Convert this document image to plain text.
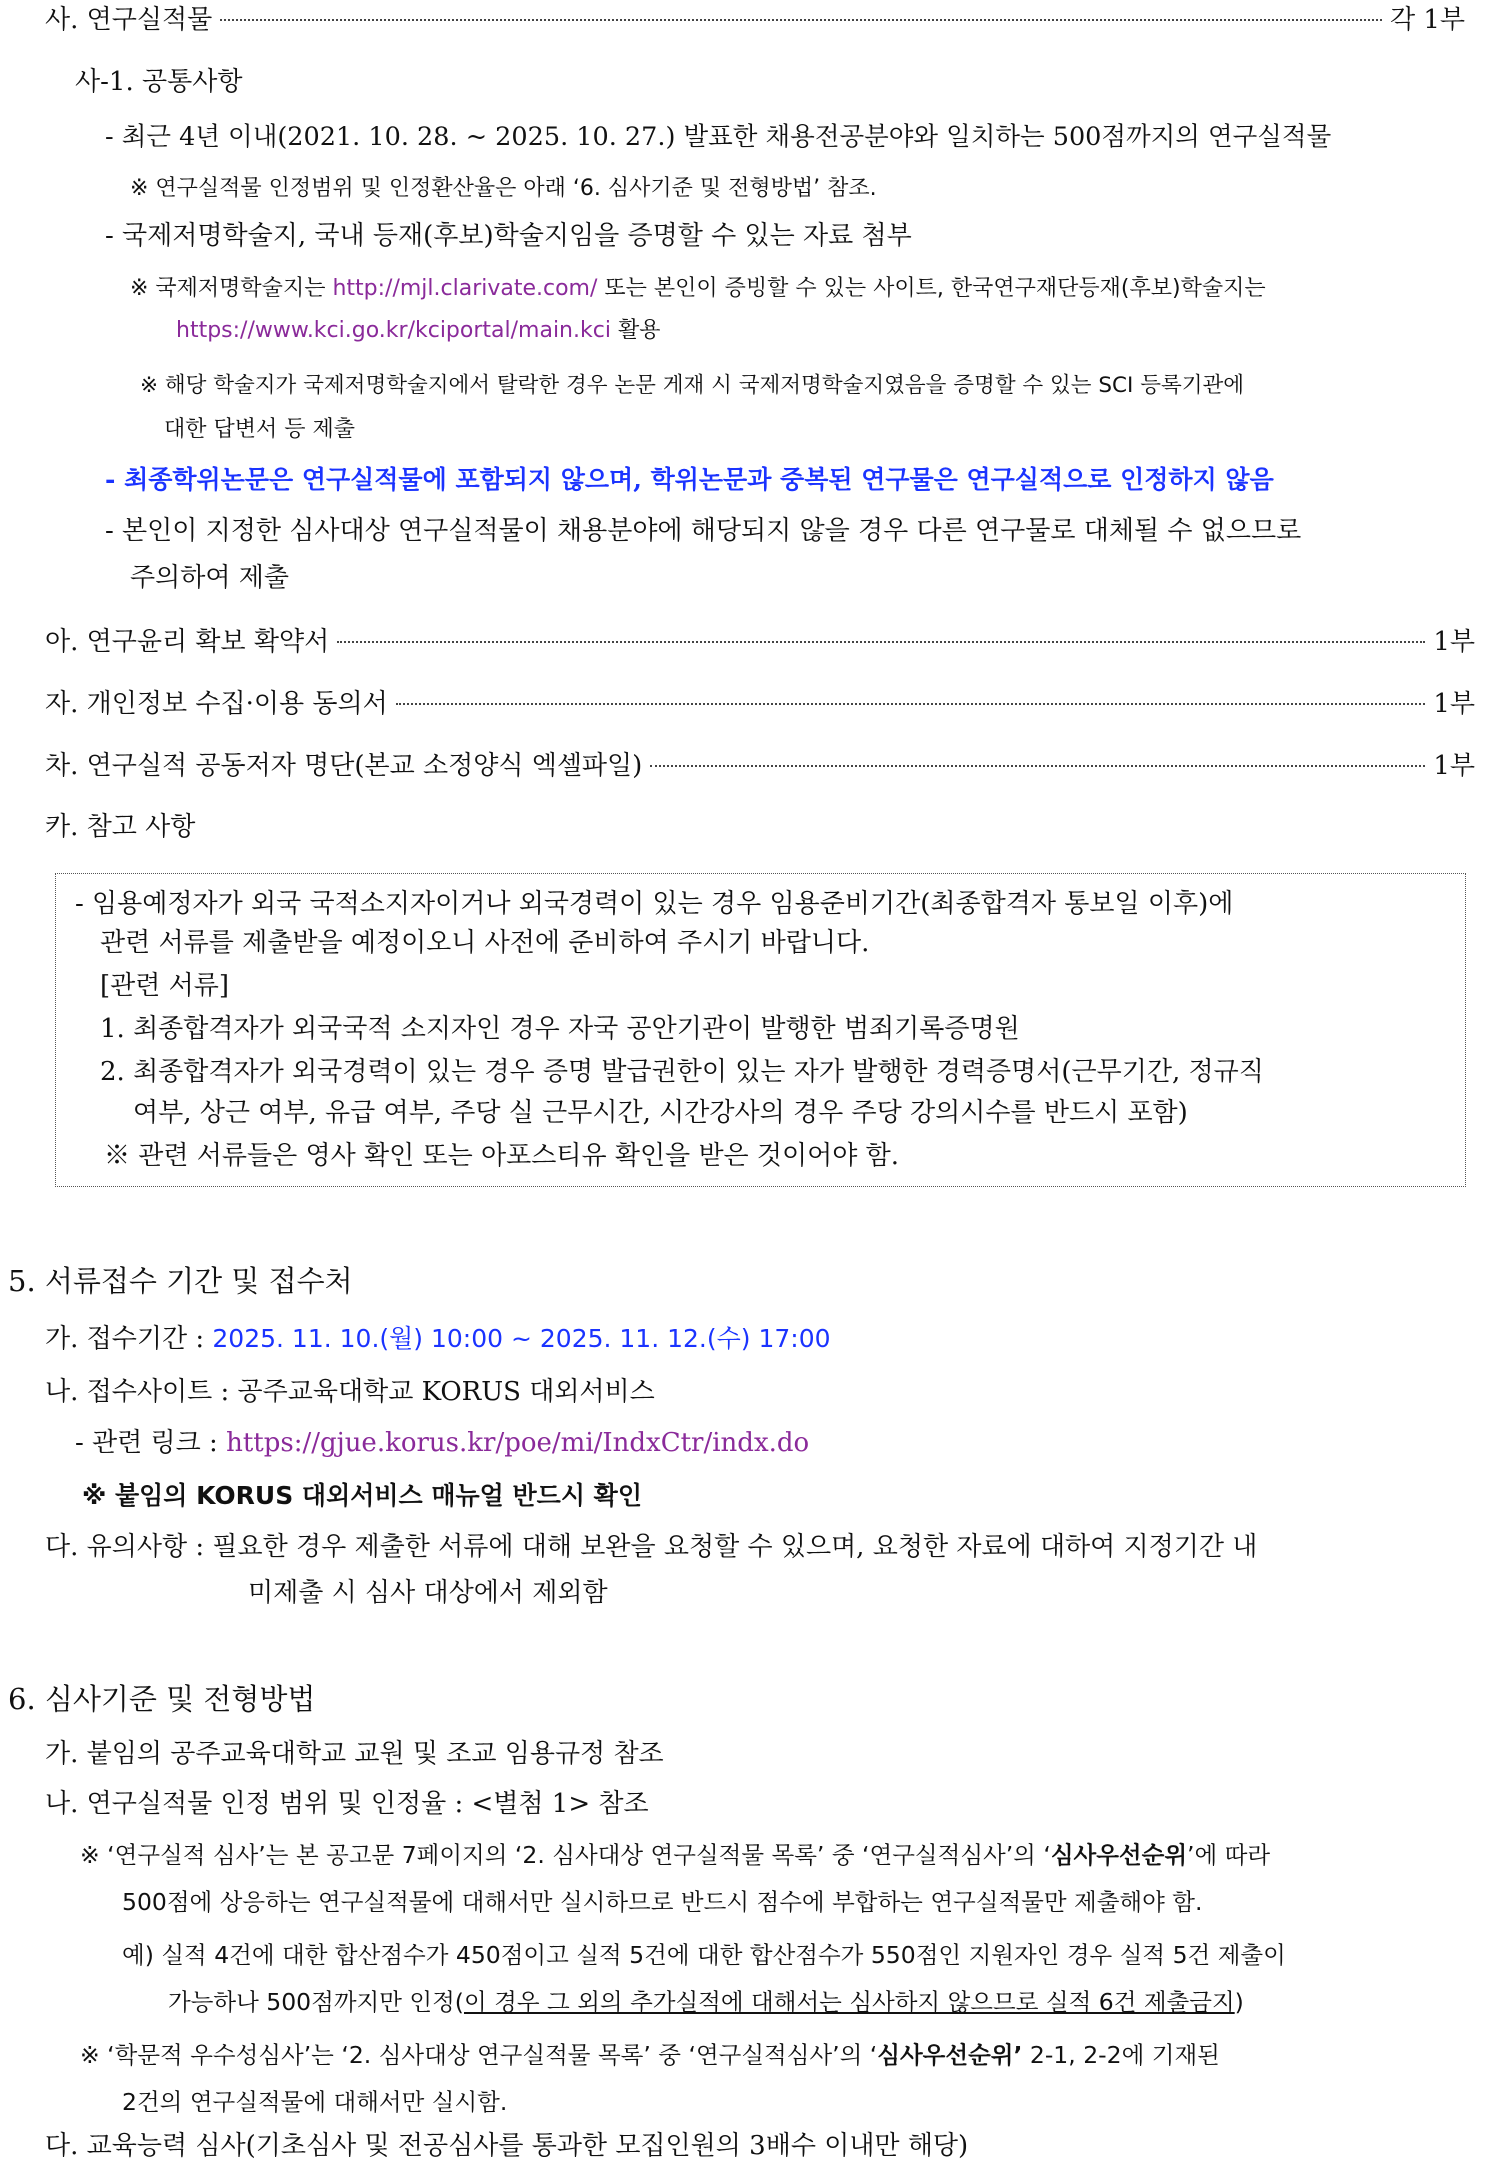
사. 연구실적물	각 1부
사-1. 공통사항
- 최근 4년 이내(2021. 10. 28. ~ 2025. 10. 27.) 발표한 채용전공분야와 일치하는 500점까지의 연구실적물
※ 연구실적물 인정범위 및 인정환산율은 아래 ‘6. 심사기준 및 전형방법’ 참조.
- 국제저명학술지, 국내 등재(후보)학술지임을 증명할 수 있는 자료 첨부
※ 국제저명학술지는 http://mjl.clarivate.com/ 또는 본인이 증빙할 수 있는 사이트, 한국연구재단등재(후보)학술지는
https://www.kci.go.kr/kciportal/main.kci 활용
※ 해당 학술지가 국제저명학술지에서 탈락한 경우 논문 게재 시 국제저명학술지였음을 증명할 수 있는 SCI 등록기관에
대한 답변서 등 제출
- 최종학위논문은 연구실적물에 포함되지 않으며, 학위논문과 중복된 연구물은 연구실적으로 인정하지 않음
- 본인이 지정한 심사대상 연구실적물이 채용분야에 해당되지 않을 경우 다른 연구물로 대체될 수 없으므로
주의하여 제출
아. 연구윤리 확보 확약서	1부
자. 개인정보 수집·이용 동의서	1부
차. 연구실적 공동저자 명단(본교 소정양식 엑셀파일)	1부
카. 참고 사항
- 임용예정자가 외국 국적소지자이거나 외국경력이 있는 경우 임용준비기간(최종합격자 통보일 이후)에
관련 서류를 제출받을 예정이오니 사전에 준비하여 주시기 바랍니다.
[관련 서류]
1. 최종합격자가 외국국적 소지자인 경우 자국 공안기관이 발행한 범죄기록증명원
2. 최종합격자가 외국경력이 있는 경우 증명 발급권한이 있는 자가 발행한 경력증명서(근무기간, 정규직
여부, 상근 여부, 유급 여부, 주당 실 근무시간, 시간강사의 경우 주당 강의시수를 반드시 포함)
※ 관련 서류들은 영사 확인 또는 아포스티유 확인을 받은 것이어야 함.
5. 서류접수 기간 및 접수처
가. 접수기간 : 2025. 11. 10.(월) 10:00 ~ 2025. 11. 12.(수) 17:00
나. 접수사이트 : 공주교육대학교 KORUS 대외서비스
- 관련 링크 : https://gjue.korus.kr/poe/mi/IndxCtr/indx.do
※ 붙임의 KORUS 대외서비스 매뉴얼 반드시 확인
다. 유의사항 : 필요한 경우 제출한 서류에 대해 보완을 요청할 수 있으며, 요청한 자료에 대하여 지정기간 내
미제출 시 심사 대상에서 제외함
6. 심사기준 및 전형방법
가. 붙임의 공주교육대학교 교원 및 조교 임용규정 참조
나. 연구실적물 인정 범위 및 인정율 : <별첨 1> 참조
※ ‘연구실적 심사’는 본 공고문 7페이지의 ‘2. 심사대상 연구실적물 목록’ 중 ‘연구실적심사’의 ‘심사우선순위’에 따라
500점에 상응하는 연구실적물에 대해서만 실시하므로 반드시 점수에 부합하는 연구실적물만 제출해야 함.
예) 실적 4건에 대한 합산점수가 450점이고 실적 5건에 대한 합산점수가 550점인 지원자인 경우 실적 5건 제출이
가능하나 500점까지만 인정(이 경우 그 외의 추가실적에 대해서는 심사하지 않으므로 실적 6건 제출금지)
※ ‘학문적 우수성심사’는 ‘2. 심사대상 연구실적물 목록’ 중 ‘연구실적심사’의 ‘심사우선순위’ 2-1, 2-2에 기재된
2건의 연구실적물에 대해서만 실시함.
다. 교육능력 심사(기초심사 및 전공심사를 통과한 모집인원의 3배수 이내만 해당)
